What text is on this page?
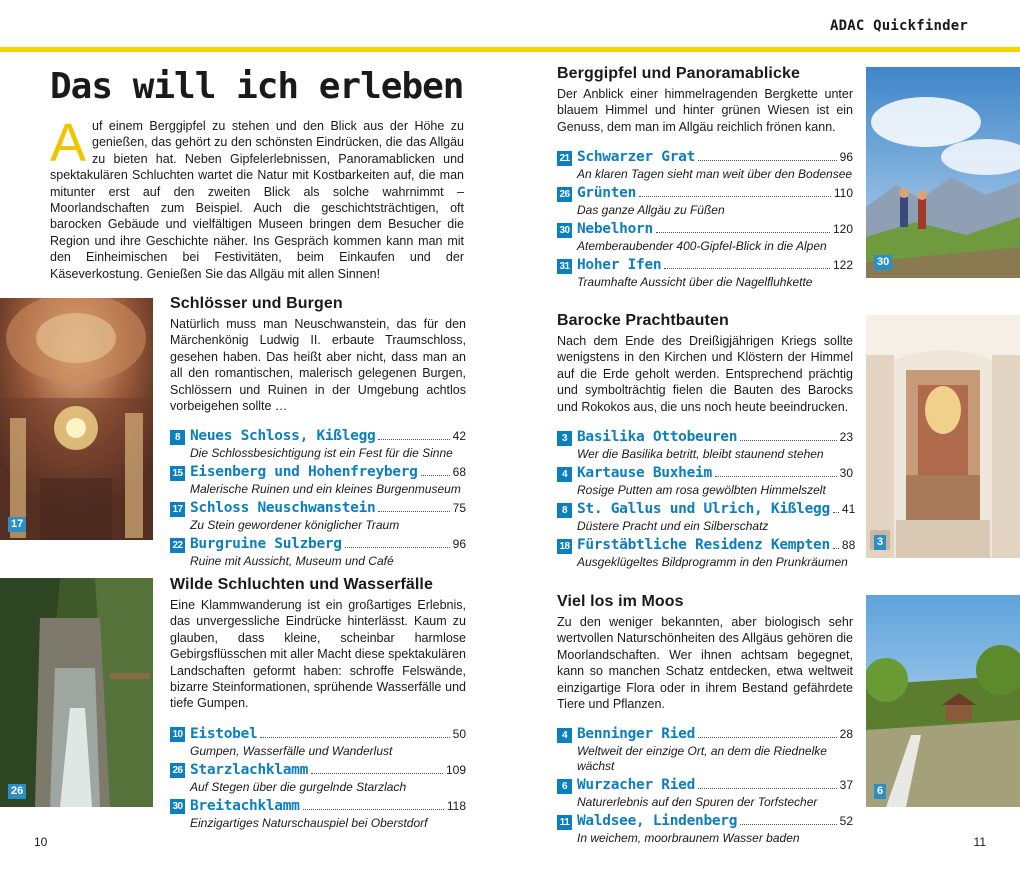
ADAC Quickfinder
Das will ich erleben
Auf einem Berggipfel zu stehen und den Blick aus der Höhe zu genießen, das gehört zu den schönsten Eindrücken, die das Allgäu zu bieten hat. Neben Gipfelerlebnissen, Panoramablicken und spektakulären Schluchten wartet die Natur mit Kostbarkeiten auf, die man mitunter erst auf den zweiten Blick als solche wahrnimmt – Moorlandschaften zum Beispiel. Auch die geschichtsträchtigen, oft barocken Gebäude und vielfältigen Museen bringen dem Besucher die Region und ihre Geschichte näher. Ins Gespräch kommen kann man mit den Einheimischen bei Festivitäten, beim Einkaufen und der Käseverkostung. Genießen Sie das Allgäu mit allen Sinnen!
17
26
30
3
6
Schlösser und Burgen

Natürlich muss man Neuschwanstein, das für den Märchenkönig Ludwig II. erbaute Traumschloss, gesehen haben. Das heißt aber nicht, dass man an all den romantischen, malerisch gelegenen Burgen, Schlössern und Ruinen in der Umgebung achtlos vorbeigehen sollte …

8 Neues Schloss, Kißlegg	42
Die Schlossbesichtigung ist ein Fest für die Sinne
15 Eisenberg und Hohenfreyberg	68
Malerische Ruinen und ein kleines Burgenmuseum
17 Schloss Neuschwanstein	75
Zu Stein gewordener königlicher Traum
22 Burgruine Sulzberg	96
Ruine mit Aussicht, Museum und Café
Wilde Schluchten und Wasserfälle

Eine Klammwanderung ist ein großartiges Erlebnis, das unvergessliche Eindrücke hinterlässt. Kaum zu glauben, dass kleine, scheinbar harmlose Gebirgsflüsschen mit aller Macht diese spektakulären Landschaften geformt haben: schroffe Felswände, bizarre Steinformationen, sprühende Wasserfälle und tiefe Gumpen.

10 Eistobel	50
Gumpen, Wasserfälle und Wanderlust
26 Starzlachklamm	109
Auf Stegen über die gurgelnde Starzlach
30 Breitachklamm	118
Einzigartiges Naturschauspiel bei Oberstdorf
Berggipfel und Panoramablicke

Der Anblick einer himmelragenden Bergkette unter blauem Himmel und hinter grünen Wiesen ist ein Genuss, dem man im Allgäu reichlich frönen kann.

21 Schwarzer Grat	96
An klaren Tagen sieht man weit über den Bodensee
26 Grünten	110
Das ganze Allgäu zu Füßen
30 Nebelhorn	120
Atemberaubender 400-Gipfel-Blick in die Alpen
31 Hoher Ifen	122
Traumhafte Aussicht über die Nagelfluhkette
Barocke Prachtbauten

Nach dem Ende des Dreißigjährigen Kriegs sollte wenigstens in den Kirchen und Klöstern der Himmel auf die Erde geholt werden. Entsprechend prächtig und symbolträchtig fielen die Bauten des Barocks und Rokokos aus, die uns noch heute beeindrucken.

3 Basilika Ottobeuren	23
Wer die Basilika betritt, bleibt staunend stehen
4 Kartause Buxheim	30
Rosige Putten am rosa gewölbten Himmelszelt
8 St. Gallus und Ulrich, Kißlegg 41
Düstere Pracht und ein Silberschatz
18 Fürstäbtliche Residenz Kempten 88
Ausgeklügeltes Bildprogramm in den Prunkräumen
Viel los im Moos

Zu den weniger bekannten, aber biologisch sehr wertvollen Naturschönheiten des Allgäus gehören die Moorlandschaften. Wer ihnen achtsam begegnet, kann so manchen Schatz entdecken, etwa weltweit einzigartige Flora oder in ihrem Bestand gefährdete Tiere und Pflanzen.

4 Benninger Ried	28
Weltweit der einzige Ort, an dem die Riednelke wächst
6 Wurzacher Ried	37
Naturerlebnis auf den Spuren der Torfstecher
11 Waldsee, Lindenberg	52
In weichem, moorbraunem Wasser baden
10	11
